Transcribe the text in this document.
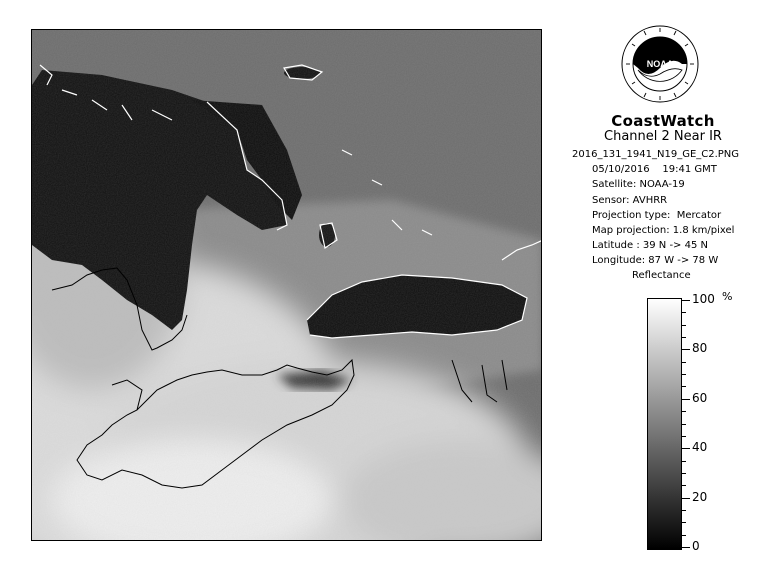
NOAA
CoastWatch
Channel 2 Near IR
2016_131_1941_N19_GE_C2.PNG
05/10/2016 19:41 GMT
Satellite: NOAA-19
Sensor: AVHRR
Projection type:  Mercator
Map projection: 1.8 km/pixel
Latitude : 39 N -> 45 N
Longitude: 87 W -> 78 W
Reflectance
%
100
80
60
40
20
0
